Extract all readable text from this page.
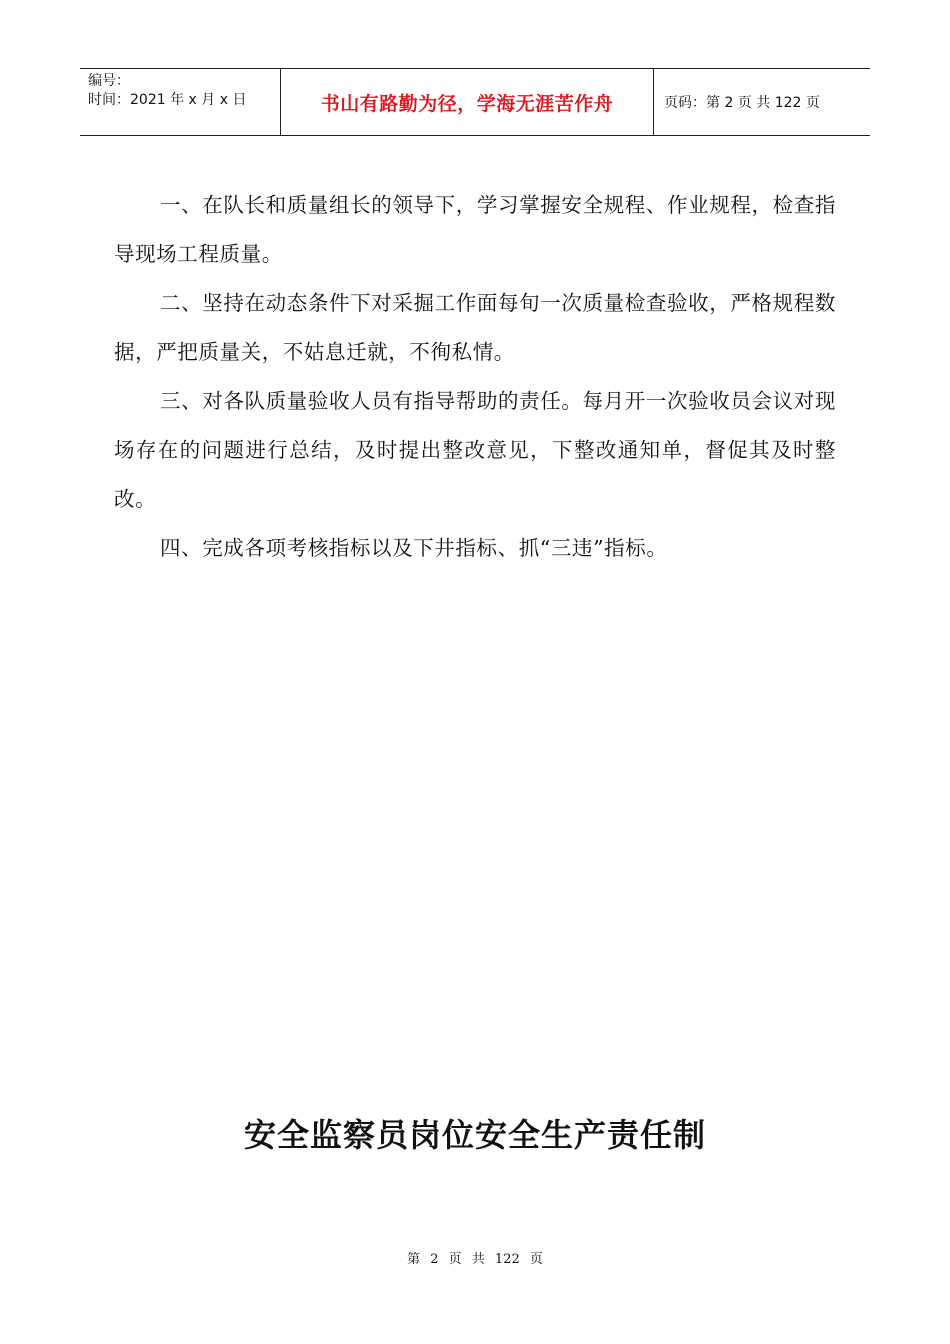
编号：
时间：2021 年 x 月 x 日	书山有路勤为径，学海无涯苦作舟	页码：第 2 页 共 122 页

一、在队长和质量组长的领导下，学习掌握安全规程、作业规程，检查指导现场工程质量。

二、坚持在动态条件下对采掘工作面每旬一次质量检查验收，严格规程数据，严把质量关，不姑息迁就，不徇私情。

三、对各队质量验收人员有指导帮助的责任。每月开一次验收员会议对现场存在的问题进行总结，及时提出整改意见，下整改通知单，督促其及时整改。

四、完成各项考核指标以及下井指标、抓“三违”指标。

安全监察员岗位安全生产责任制
第 2 页 共 122 页
